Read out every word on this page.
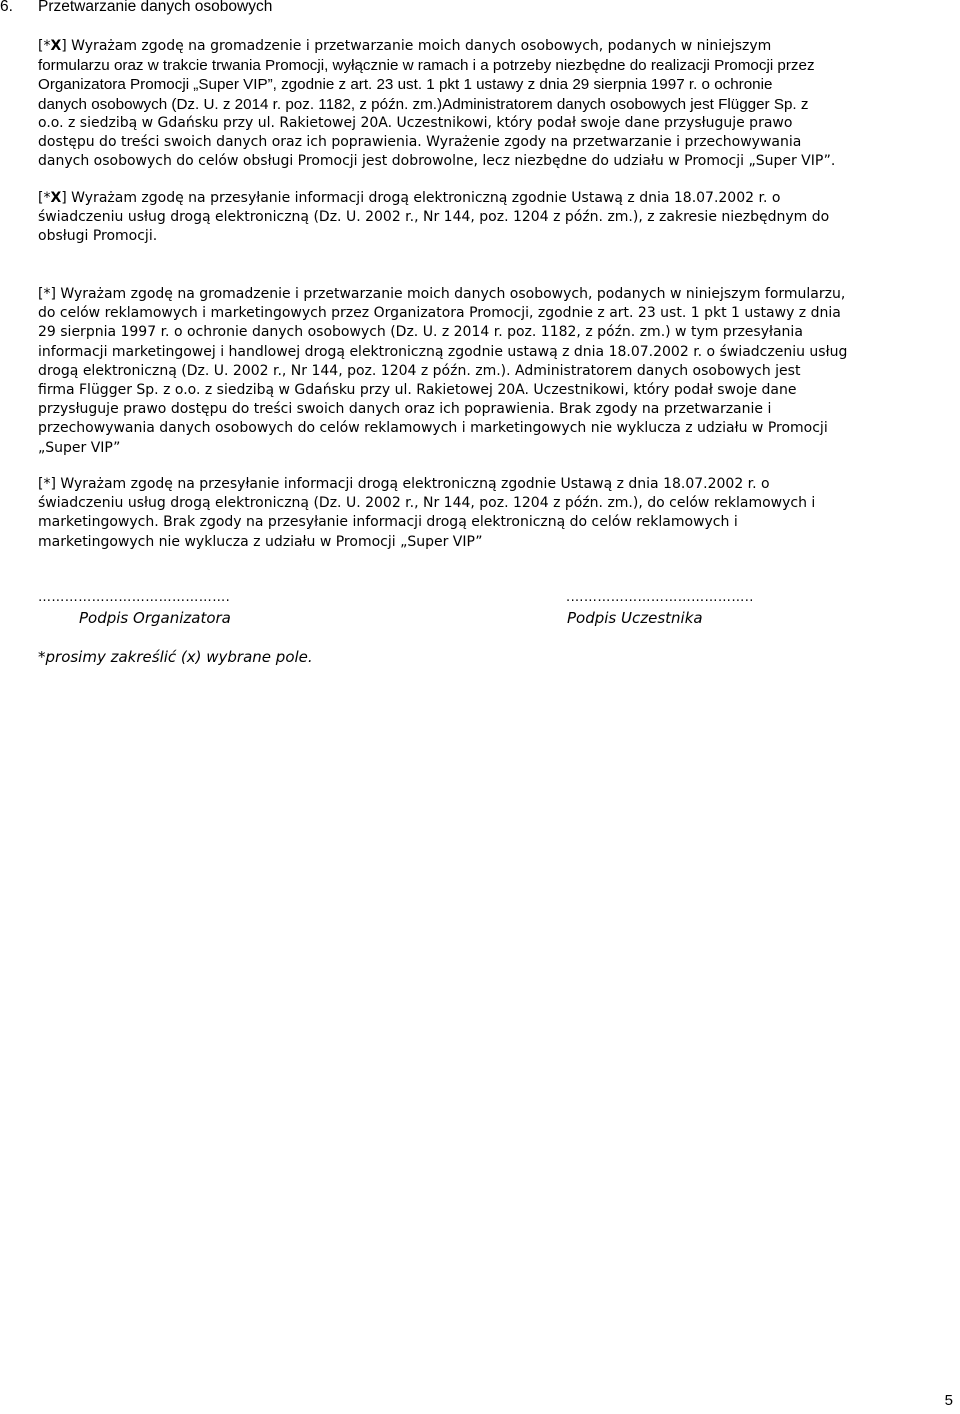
6. Przetwarzanie danych osobowych
[*X] Wyrażam zgodę na gromadzenie i przetwarzanie moich danych osobowych, podanych w niniejszym
formularzu oraz w trakcie trwania Promocji, wyłącznie w ramach i a potrzeby niezbędne do realizacji Promocji przez
Organizatora Promocji „Super VIP”, zgodnie z art. 23 ust. 1 pkt 1 ustawy z dnia 29 sierpnia 1997 r. o ochronie
danych osobowych (Dz. U. z 2014 r. poz. 1182, z późn. zm.)Administratorem danych osobowych jest Flügger Sp. z
o.o. z siedzibą w Gdańsku przy ul. Rakietowej 20A. Uczestnikowi, który podał swoje dane przysługuje prawo
dostępu do treści swoich danych oraz ich poprawienia. Wyrażenie zgody na przetwarzanie i przechowywania
danych osobowych do celów obsługi Promocji jest dobrowolne, lecz niezbędne do udziału w Promocji „Super VIP”.
[*X] Wyrażam zgodę na przesyłanie informacji drogą elektroniczną zgodnie Ustawą z dnia 18.07.2002 r. o
świadczeniu usług drogą elektroniczną (Dz. U. 2002 r., Nr 144, poz. 1204 z późn. zm.), z zakresie niezbędnym do
obsługi Promocji.
[*] Wyrażam zgodę na gromadzenie i przetwarzanie moich danych osobowych, podanych w niniejszym formularzu,
do celów reklamowych i marketingowych przez Organizatora Promocji, zgodnie z art. 23 ust. 1 pkt 1 ustawy z dnia
29 sierpnia 1997 r. o ochronie danych osobowych (Dz. U. z 2014 r. poz. 1182, z późn. zm.) w tym przesyłania
informacji marketingowej i handlowej drogą elektroniczną zgodnie ustawą z dnia 18.07.2002 r. o świadczeniu usług
drogą elektroniczną (Dz. U. 2002 r., Nr 144, poz. 1204 z późn. zm.). Administratorem danych osobowych jest
firma Flügger Sp. z o.o. z siedzibą w Gdańsku przy ul. Rakietowej 20A. Uczestnikowi, który podał swoje dane
przysługuje prawo dostępu do treści swoich danych oraz ich poprawienia. Brak zgody na przetwarzanie i
przechowywania danych osobowych do celów reklamowych i marketingowych nie wyklucza z udziału w Promocji
„Super VIP”
[*] Wyrażam zgodę na przesyłanie informacji drogą elektroniczną zgodnie Ustawą z dnia 18.07.2002 r. o
świadczeniu usług drogą elektroniczną (Dz. U. 2002 r., Nr 144, poz. 1204 z późn. zm.), do celów reklamowych i
marketingowych. Brak zgody na przesyłanie informacji drogą elektroniczną do celów reklamowych i
marketingowych nie wyklucza z udziału w Promocji „Super VIP”
…………………………………….	.…………………………………..
Podpis Organizatora	Podpis Uczestnika
*prosimy zakreślić (x) wybrane pole.
5
